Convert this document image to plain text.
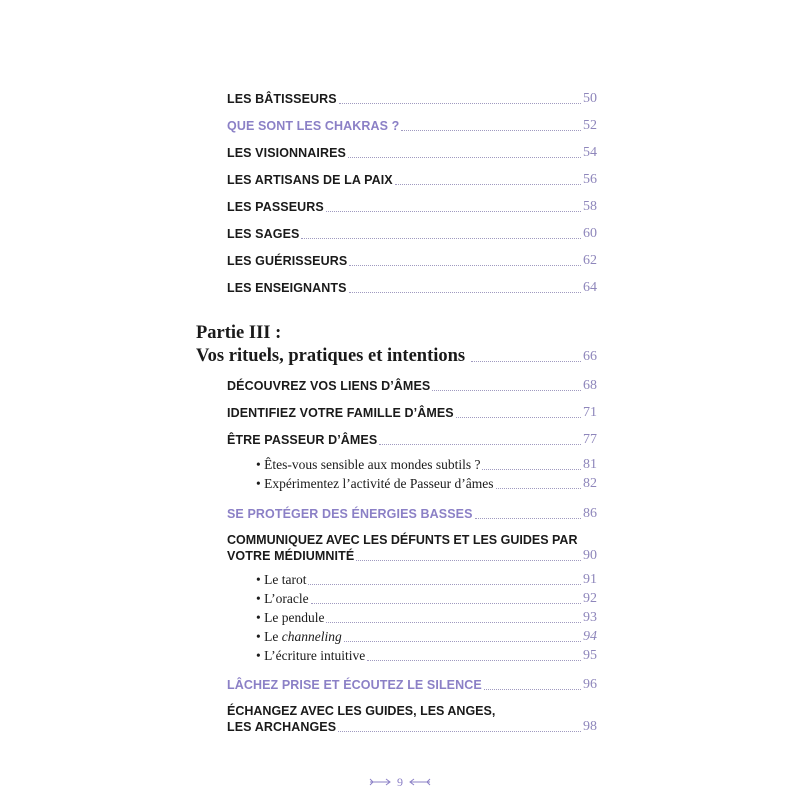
LES BÂTISSEURS	50
QUE SONT LES CHAKRAS ?	52
LES VISIONNAIRES	54
LES ARTISANS DE LA PAIX	56
LES PASSEURS	58
LES SAGES	60
LES GUÉRISSEURS	62
LES ENSEIGNANTS	64
Partie III :
Vos rituels, pratiques et intentions	66
DÉCOUVREZ VOS LIENS D’ÂMES	68
IDENTIFIEZ VOTRE FAMILLE D’ÂMES	71
ÊTRE PASSEUR D’ÂMES	77
• Êtes-vous sensible aux mondes subtils ?	81
• Expérimentez l’activité de Passeur d’âmes	82
SE PROTÉGER DES ÉNERGIES BASSES	86
COMMUNIQUEZ AVEC LES DÉFUNTS ET LES GUIDES PAR
VOTRE MÉDIUMNITÉ	90
• Le tarot	91
• L’oracle	92
• Le pendule	93
• Le channeling	94
• L’écriture intuitive	95
LÂCHEZ PRISE ET ÉCOUTEZ LE SILENCE	96
ÉCHANGEZ AVEC LES GUIDES, LES ANGES,
LES ARCHANGES	98
9
